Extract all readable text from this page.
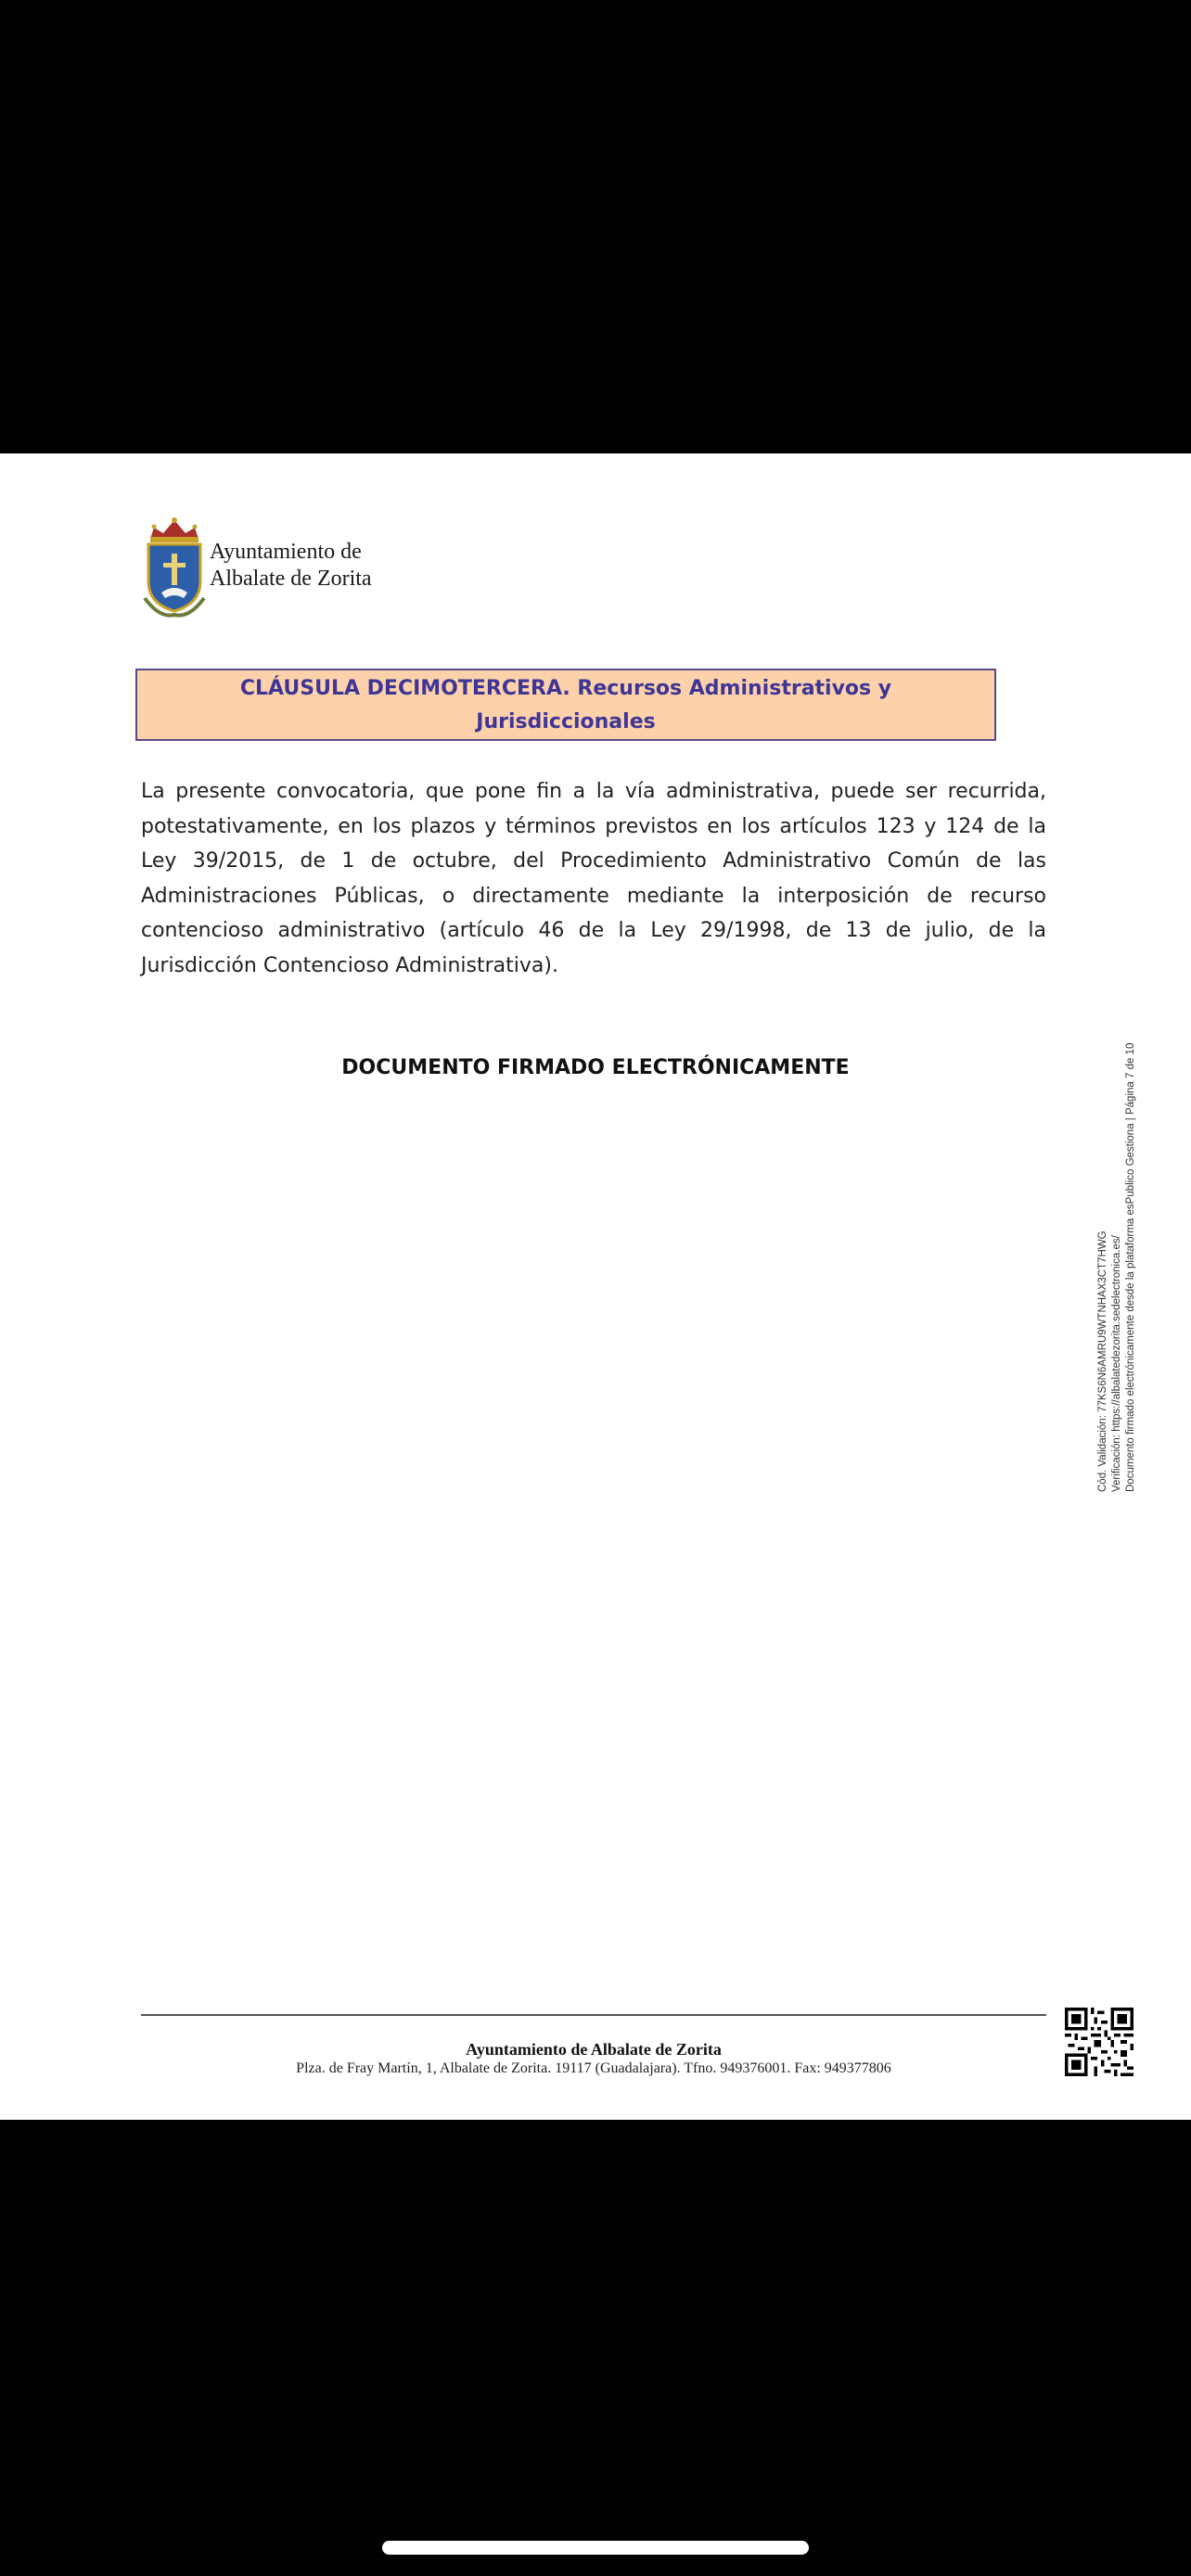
Ayuntamiento de
Albalate de Zorita
CLÁUSULA DECIMOTERCERA. Recursos Administrativos y
Jurisdiccionales

La presente convocatoria, que pone fin a la vía administrativa, puede ser recurrida, potestativamente, en los plazos y términos previstos en los artículos 123 y 124 de la Ley 39/2015, de 1 de octubre, del Procedimiento Administrativo Común de las Administraciones Públicas, o directamente mediante la interposición de recurso contencioso administrativo (artículo 46 de la Ley 29/1998, de 13 de julio, de la Jurisdicción Contencioso Administrativa).

DOCUMENTO FIRMADO ELECTRÓNICAMENTE
Cód. Validación: 77KS6N6AMRU9WTNHAX3CT7HWG Verificación: https://albalatedezorita.sedelectronica.es/ Documento firmado electrónicamente desde la plataforma esPublico Gestiona | Página 7 de 10
Ayuntamiento de Albalate de Zorita
Plza. de Fray Martín, 1, Albalate de Zorita. 19117 (Guadalajara). Tfno. 949376001. Fax: 949377806
